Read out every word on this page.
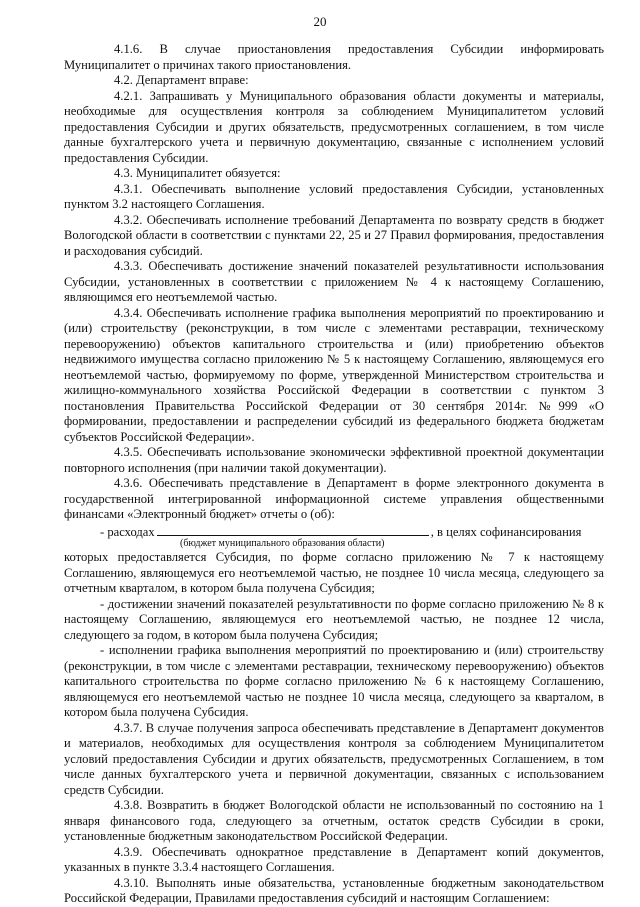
20

4.1.6. В случае приостановления предоставления Субсидии информировать Муниципалитет о причинах такого приостановления.

4.2. Департамент вправе:

4.2.1. Запрашивать у Муниципального образования области документы и материалы, необходимые для осуществления контроля за соблюдением Муниципалитетом условий предоставления Субсидии и других обязательств, предусмотренных соглашением, в том числе данные бухгалтерского учета и первичную документацию, связанные с исполнением условий предоставления Субсидии.

4.3. Муниципалитет обязуется:

4.3.1. Обеспечивать выполнение условий предоставления Субсидии, установленных пунктом 3.2 настоящего Соглашения.

4.3.2. Обеспечивать исполнение требований Департамента по возврату средств в бюджет Вологодской области в соответствии с пунктами 22, 25 и 27 Правил формирования, предоставления и расходования субсидий.

4.3.3. Обеспечивать достижение значений показателей результативности использования Субсидии, установленных в соответствии с приложением № 4 к настоящему Соглашению, являющимся его неотъемлемой частью.

4.3.4. Обеспечивать исполнение графика выполнения мероприятий по проектированию и (или) строительству (реконструкции, в том числе с элементами реставрации, техническому перевооружению) объектов капитального строительства и (или) приобретению объектов недвижимого имущества согласно приложению № 5 к настоящему Соглашению, являющемуся его неотъемлемой частью, формируемому по форме, утвержденной Министерством строительства и жилищно-коммунального хозяйства Российской Федерации в соответствии с пунктом 3 постановления Правительства Российской Федерации от 30 сентября 2014г. №999 «О формировании, предоставлении и распределении субсидий из федерального бюджета бюджетам субъектов Российской Федерации».

4.3.5. Обеспечивать использование экономически эффективной проектной документации повторного исполнения (при наличии такой документации).

4.3.6. Обеспечивать представление в Департамент в форме электронного документа в государственной интегрированной информационной системе управления общественными финансами «Электронный бюджет» отчеты о (об):

- расходах	, в целях софинансирования

(бюджет муниципального образования области)

которых предоставляется Субсидия, по форме согласно приложению № 7 к настоящему Соглашению, являющемуся его неотъемлемой частью, не позднее 10 числа месяца, следующего за отчетным кварталом, в котором была получена Субсидия;

- достижении значений показателей результативности по форме согласно приложению № 8 к настоящему Соглашению, являющемуся его неотъемлемой частью, не позднее 12 числа, следующего за годом, в котором была получена Субсидия;

- исполнении графика выполнения мероприятий по проектированию и (или) строительству (реконструкции, в том числе с элементами реставрации, техническому перевооружению) объектов капитального строительства по форме согласно приложению № 6 к настоящему Соглашению, являющемуся его неотъемлемой частью не позднее 10 числа месяца, следующего за кварталом, в котором была получена Субсидия.

4.3.7. В случае получения запроса обеспечивать представление в Департамент документов и материалов, необходимых для осуществления контроля за соблюдением Муниципалитетом условий предоставления Субсидии и других обязательств, предусмотренных Соглашением, в том числе данных бухгалтерского учета и первичной документации, связанных с использованием средств Субсидии.

4.3.8. Возвратить в бюджет Вологодской области не использованный по состоянию на 1 января финансового года, следующего за отчетным, остаток средств Субсидии в сроки, установленные бюджетным законодательством Российской Федерации.

4.3.9. Обеспечивать однократное представление в Департамент копий документов, указанных в пункте 3.3.4 настоящего Соглашения.

4.3.10. Выполнять иные обязательства, установленные бюджетным законодательством Российской Федерации, Правилами предоставления субсидий и настоящим Соглашением:
